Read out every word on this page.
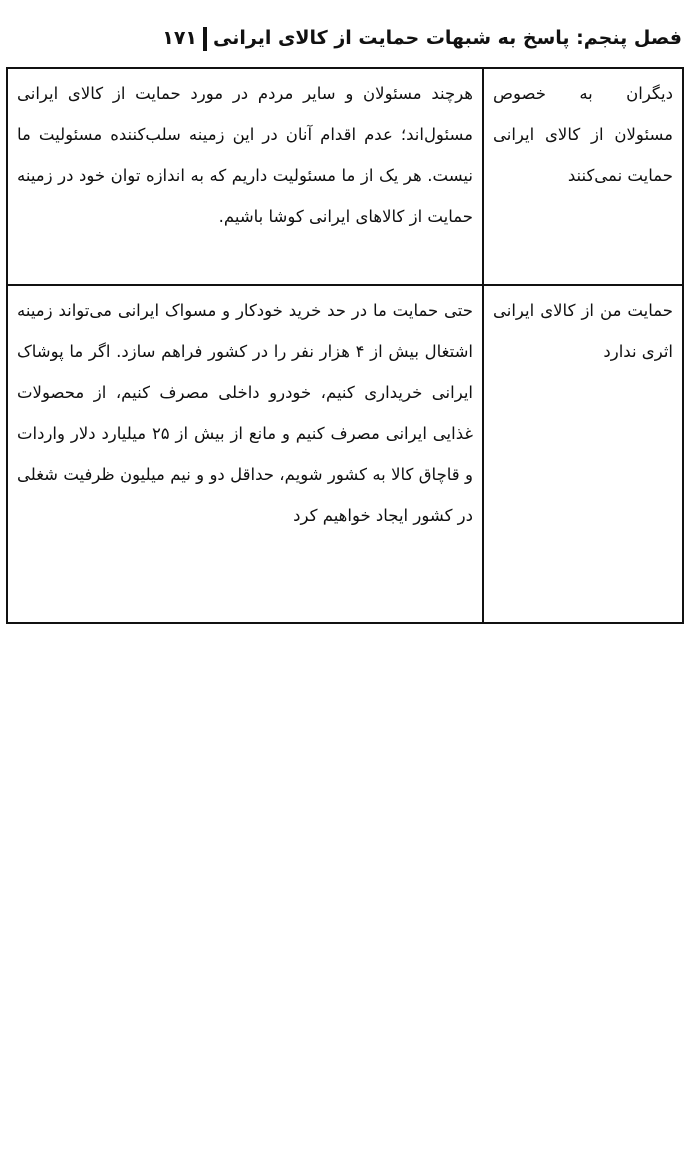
فصل پنجم: پاسخ به شبهات حمایت از کالای ایرانی۱۷۱
دیگران به خصوص مسئولان از کالای ایرانی حمایت نمی‌کنند	هرچند مسئولان و سایر مردم در مورد حمایت از کالای ایرانی مسئول‌اند؛ عدم اقدام آنان در این زمینه سلب‌کننده مسئولیت ما نیست. هر یک از ما مسئولیت داریم که به اندازه توان خود در زمینه حمایت از کالاهای ایرانی کوشا باشیم.
حمایت من از کالای ایرانی اثری ندارد	حتی حمایت ما در حد خرید خودکار و مسواک ایرانی می‌تواند زمینه اشتغال بیش از ۴ هزار نفر را در کشور فراهم سازد. اگر ما پوشاک ایرانی خریداری کنیم، خودرو داخلی مصرف کنیم، از محصولات غذایی ایرانی مصرف کنیم و مانع از بیش از ۲۵ میلیارد دلار واردات و قاچاق کالا به کشور شویم، حداقل دو و نیم میلیون ظرفیت شغلی در کشور ایجاد خواهیم کرد
